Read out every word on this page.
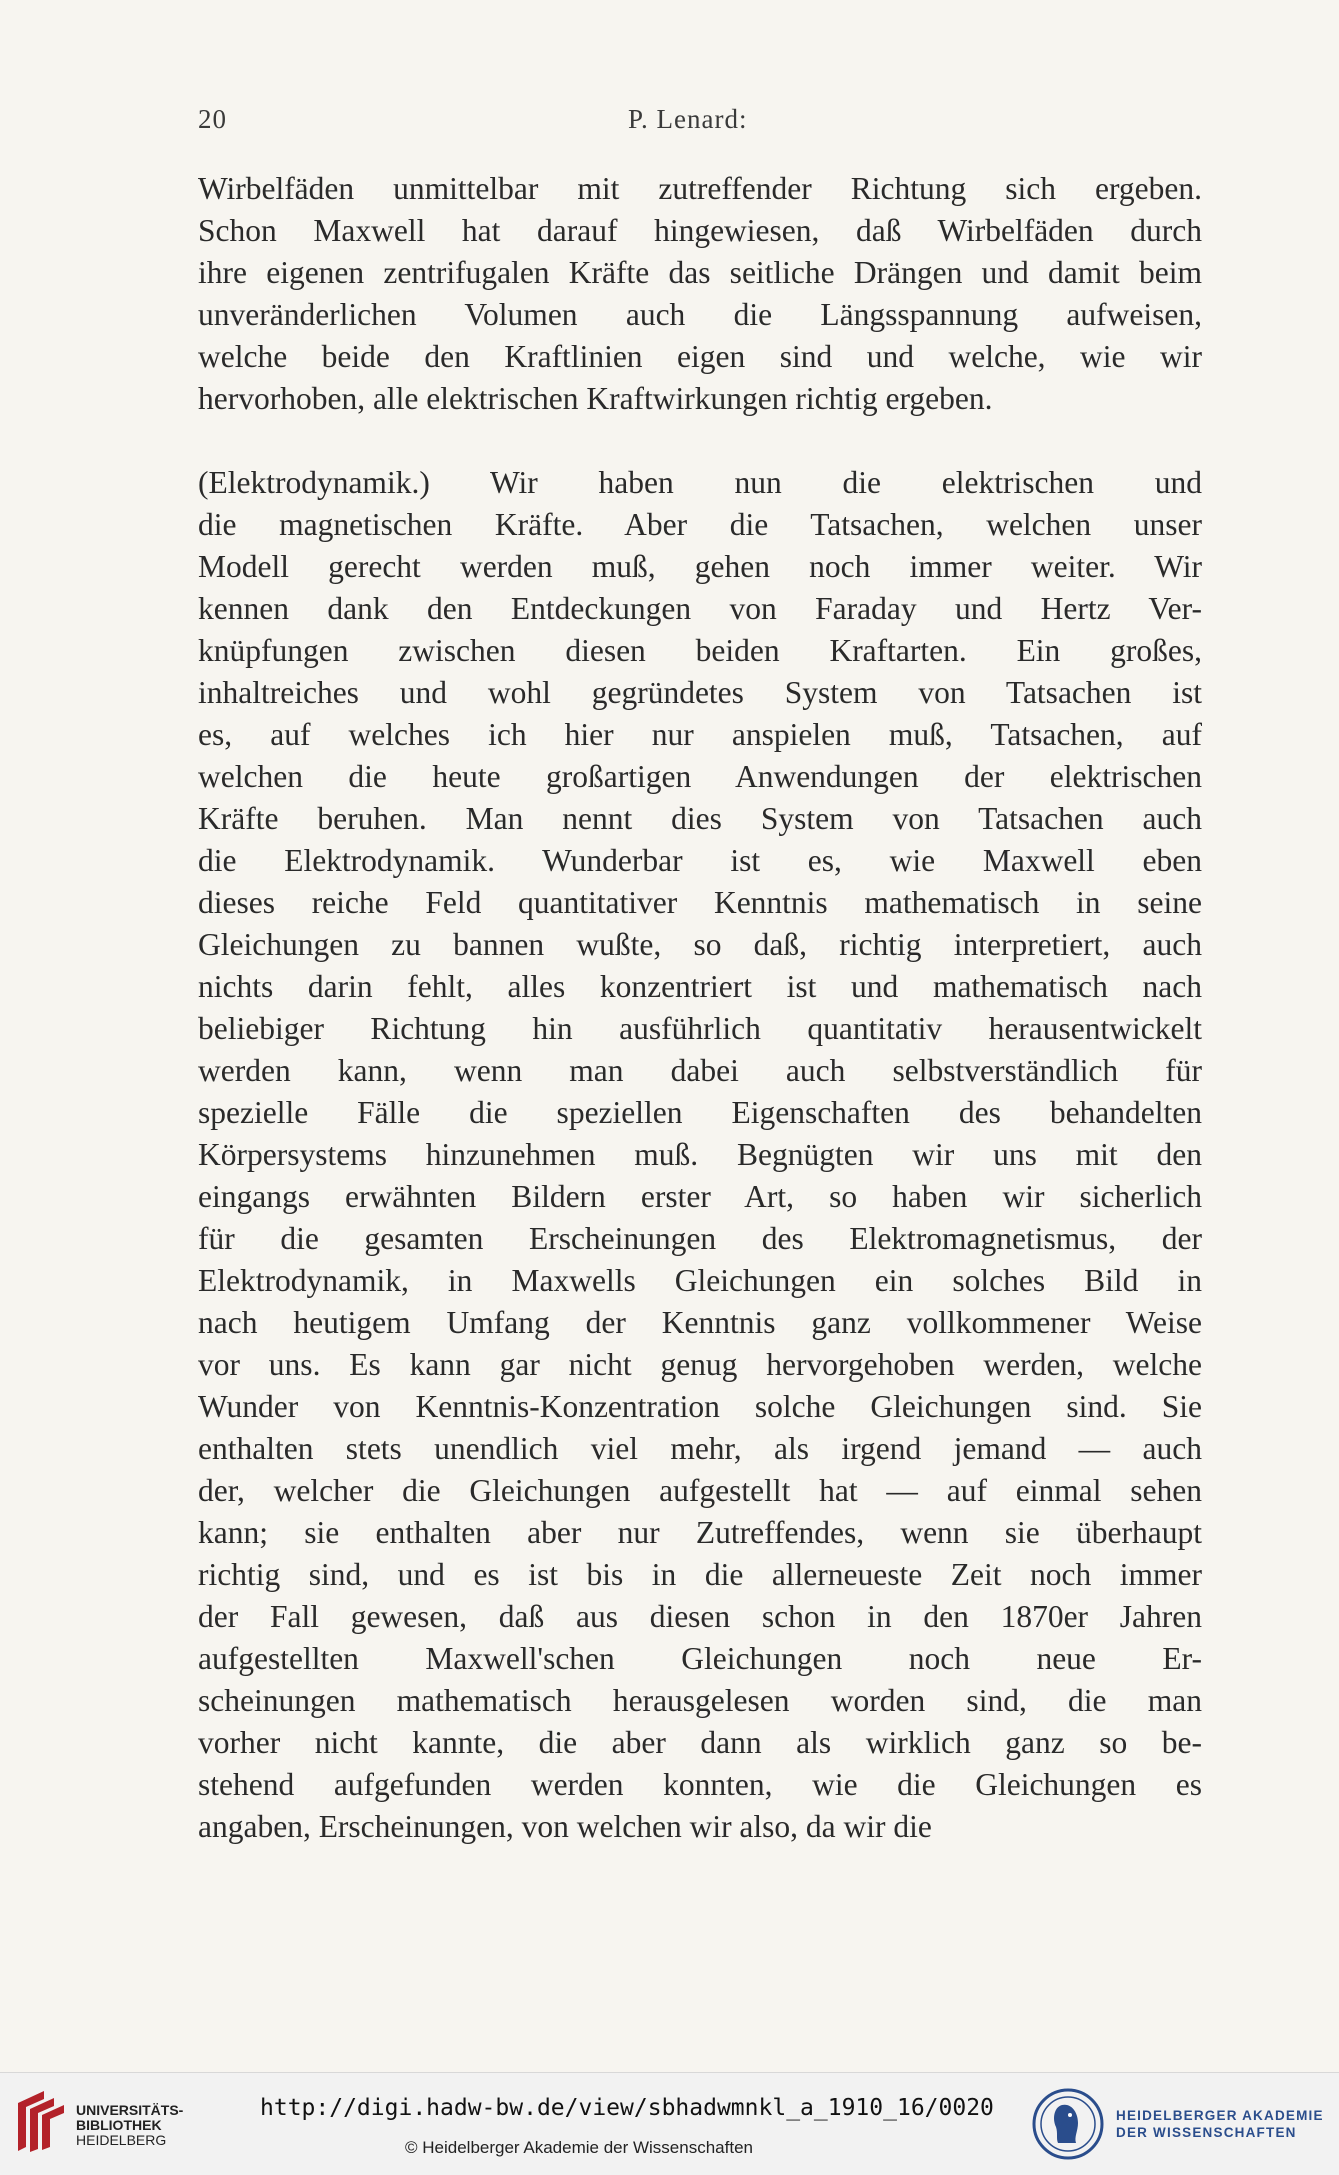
20	P. Lenard:
Wirbelfäden unmittelbar mit zutreffender Richtung sich ergeben.
Schon Maxwell hat darauf hingewiesen, daß Wirbelfäden durch
ihre eigenen zentrifugalen Kräfte das seitliche Drängen und damit beim
unveränderlichen Volumen auch die Längsspannung aufweisen,
welche beide den Kraftlinien eigen sind und welche, wie wir
hervorhoben, alle elektrischen Kraftwirkungen richtig ergeben.
(Elektrodynamik.) Wir haben nun die elektrischen und
die magnetischen Kräfte. Aber die Tatsachen, welchen unser
Modell gerecht werden muß, gehen noch immer weiter. Wir
kennen dank den Entdeckungen von Faraday und Hertz Ver-
knüpfungen zwischen diesen beiden Kraftarten. Ein großes,
inhaltreiches und wohl gegründetes System von Tatsachen ist
es, auf welches ich hier nur anspielen muß, Tatsachen, auf
welchen die heute großartigen Anwendungen der elektrischen
Kräfte beruhen. Man nennt dies System von Tatsachen auch
die Elektrodynamik. Wunderbar ist es, wie Maxwell eben
dieses reiche Feld quantitativer Kenntnis mathematisch in seine
Gleichungen zu bannen wußte, so daß, richtig interpretiert, auch
nichts darin fehlt, alles konzentriert ist und mathematisch nach
beliebiger Richtung hin ausführlich quantitativ herausentwickelt
werden kann, wenn man dabei auch selbstverständlich für
spezielle Fälle die speziellen Eigenschaften des behandelten
Körpersystems hinzunehmen muß. Begnügten wir uns mit den
eingangs erwähnten Bildern erster Art, so haben wir sicherlich
für die gesamten Erscheinungen des Elektromagnetismus, der
Elektrodynamik, in Maxwells Gleichungen ein solches Bild in
nach heutigem Umfang der Kenntnis ganz vollkommener Weise
vor uns. Es kann gar nicht genug hervorgehoben werden, welche
Wunder von Kenntnis-Konzentration solche Gleichungen sind. Sie
enthalten stets unendlich viel mehr, als irgend jemand — auch
der, welcher die Gleichungen aufgestellt hat — auf einmal sehen
kann; sie enthalten aber nur Zutreffendes, wenn sie überhaupt
richtig sind, und es ist bis in die allerneueste Zeit noch immer
der Fall gewesen, daß aus diesen schon in den 1870er Jahren
aufgestellten Maxwell'schen Gleichungen noch neue Er-
scheinungen mathematisch herausgelesen worden sind, die man
vorher nicht kannte, die aber dann als wirklich ganz so be-
stehend aufgefunden werden konnten, wie die Gleichungen es
angaben, Erscheinungen, von welchen wir also, da wir die
UNIVERSITÄTS-
BIBLIOTHEK
HEIDELBERG
http://digi.hadw-bw.de/view/sbhadwmnkl_a_1910_16/0020
© Heidelberger Akademie der Wissenschaften
HEIDELBERGER AKADEMIE
DER WISSENSCHAFTEN
